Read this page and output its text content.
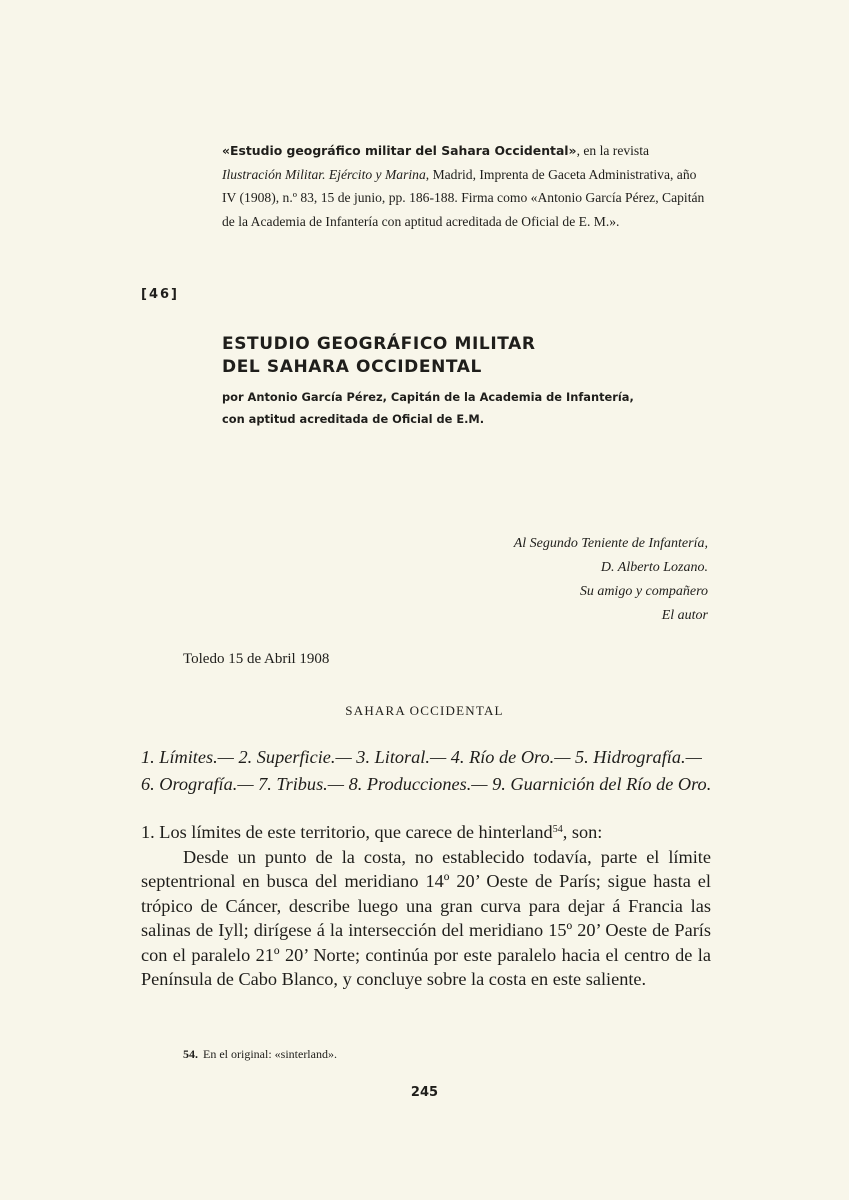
«Estudio geográfico militar del Sahara Occidental», en la revista Ilustración Militar. Ejército y Marina, Madrid, Imprenta de Gaceta Administrativa, año IV (1908), n.º 83, 15 de junio, pp. 186-188. Firma como «Antonio García Pérez, Capitán de la Academia de Infantería con aptitud acreditada de Oficial de E. M.».
[46]
ESTUDIO GEOGRÁFICO MILITAR
DEL SAHARA OCCIDENTAL
por Antonio García Pérez, Capitán de la Academia de Infantería,
con aptitud acreditada de Oficial de E.M.
Al Segundo Teniente de Infantería,
D. Alberto Lozano.
Su amigo y compañero
El autor
Toledo 15 de Abril 1908
SAHARA OCCIDENTAL
1. Límites.— 2. Superficie.— 3. Litoral.— 4. Río de Oro.— 5. Hidrografía.—
6. Orografía.— 7. Tribus.— 8. Producciones.— 9. Guarnición del Río de Oro.

1. Los límites de este territorio, que carece de hinterland$^{54}$, son:

Desde un punto de la costa, no establecido todavía, parte el límite septentrional en busca del meridiano 14º 20’ Oeste de París; sigue hasta el trópico de Cáncer, describe luego una gran curva para dejar á Francia las salinas de Iyll; dirígese á la intersección del meridiano 15º 20’ Oeste de París con el paralelo 21º 20’ Norte; continúa por este paralelo hacia el centro de la Península de Cabo Blanco, y concluye sobre la costa en este saliente.

54. En el original: «sinterland».
245
